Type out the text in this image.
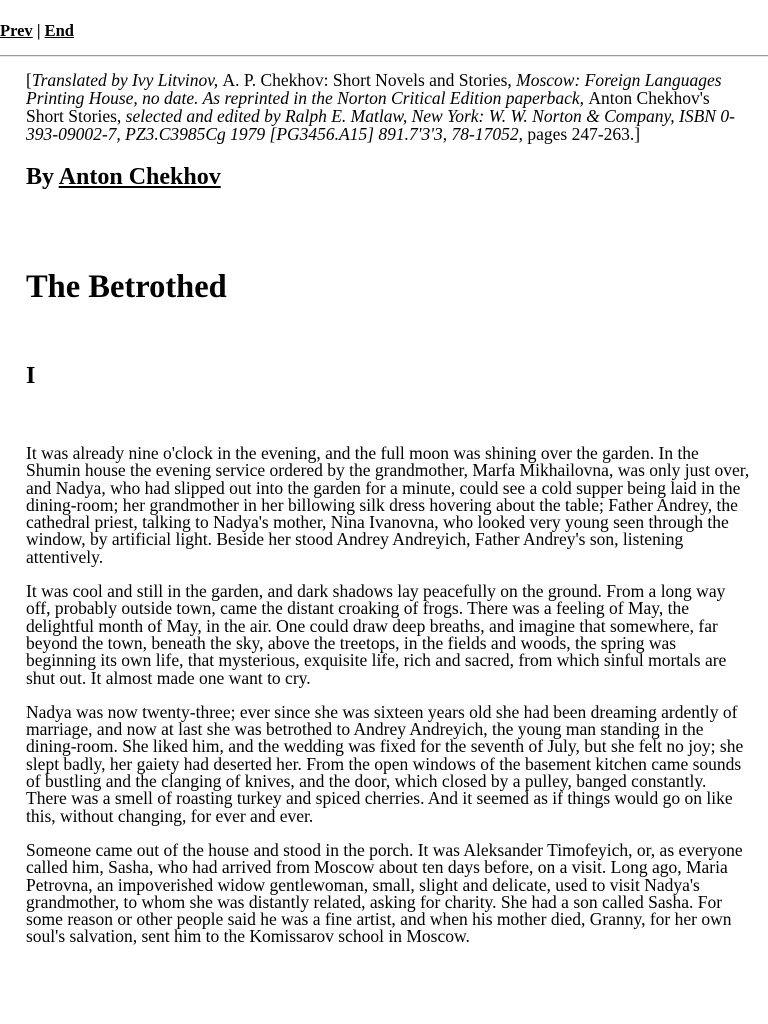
Prev | End

[Translated by Ivy Litvinov, A. P. Chekhov: Short Novels and Stories, Moscow: Foreign Languages Printing House, no date. As reprinted in the Norton Critical Edition paperback, Anton Chekhov's Short Stories, selected and edited by Ralph E. Matlaw, New York: W. W. Norton & Company, ISBN 0-393-09002-7, PZ3.C3985Cg 1979 [PG3456.A15] 891.7'3'3, 78-17052, pages 247-263.]

By Anton Chekhov
The Betrothed
I

It was already nine o'clock in the evening, and the full moon was shining over the garden. In the Shumin house the evening service ordered by the grandmother, Marfa Mikhailovna, was only just over, and Nadya, who had slipped out into the garden for a minute, could see a cold supper being laid in the dining-room; her grandmother in her billowing silk dress hovering about the table; Father Andrey, the cathedral priest, talking to Nadya's mother, Nina Ivanovna, who looked very young seen through the window, by artificial light. Beside her stood Andrey Andreyich, Father Andrey's son, listening attentively.

It was cool and still in the garden, and dark shadows lay peacefully on the ground. From a long way off, probably outside town, came the distant croaking of frogs. There was a feeling of May, the delightful month of May, in the air. One could draw deep breaths, and imagine that somewhere, far beyond the town, beneath the sky, above the treetops, in the fields and woods, the spring was beginning its own life, that mysterious, exquisite life, rich and sacred, from which sinful mortals are shut out. It almost made one want to cry.

Nadya was now twenty-three; ever since she was sixteen years old she had been dreaming ardently of marriage, and now at last she was betrothed to Andrey Andreyich, the young man standing in the dining-room. She liked him, and the wedding was fixed for the seventh of July, but she felt no joy; she slept badly, her gaiety had deserted her. From the open windows of the basement kitchen came sounds of bustling and the clanging of knives, and the door, which closed by a pulley, banged constantly. There was a smell of roasting turkey and spiced cherries. And it seemed as if things would go on like this, without changing, for ever and ever.

Someone came out of the house and stood in the porch. It was Aleksander Timofeyich, or, as everyone called him, Sasha, who had arrived from Moscow about ten days before, on a visit. Long ago, Maria Petrovna, an impoverished widow gentlewoman, small, slight and delicate, used to visit Nadya's grandmother, to whom she was distantly related, asking for charity. She had a son called Sasha. For some reason or other people said he was a fine artist, and when his mother died, Granny, for her own soul's salvation, sent him to the Komissarov school in Moscow.
